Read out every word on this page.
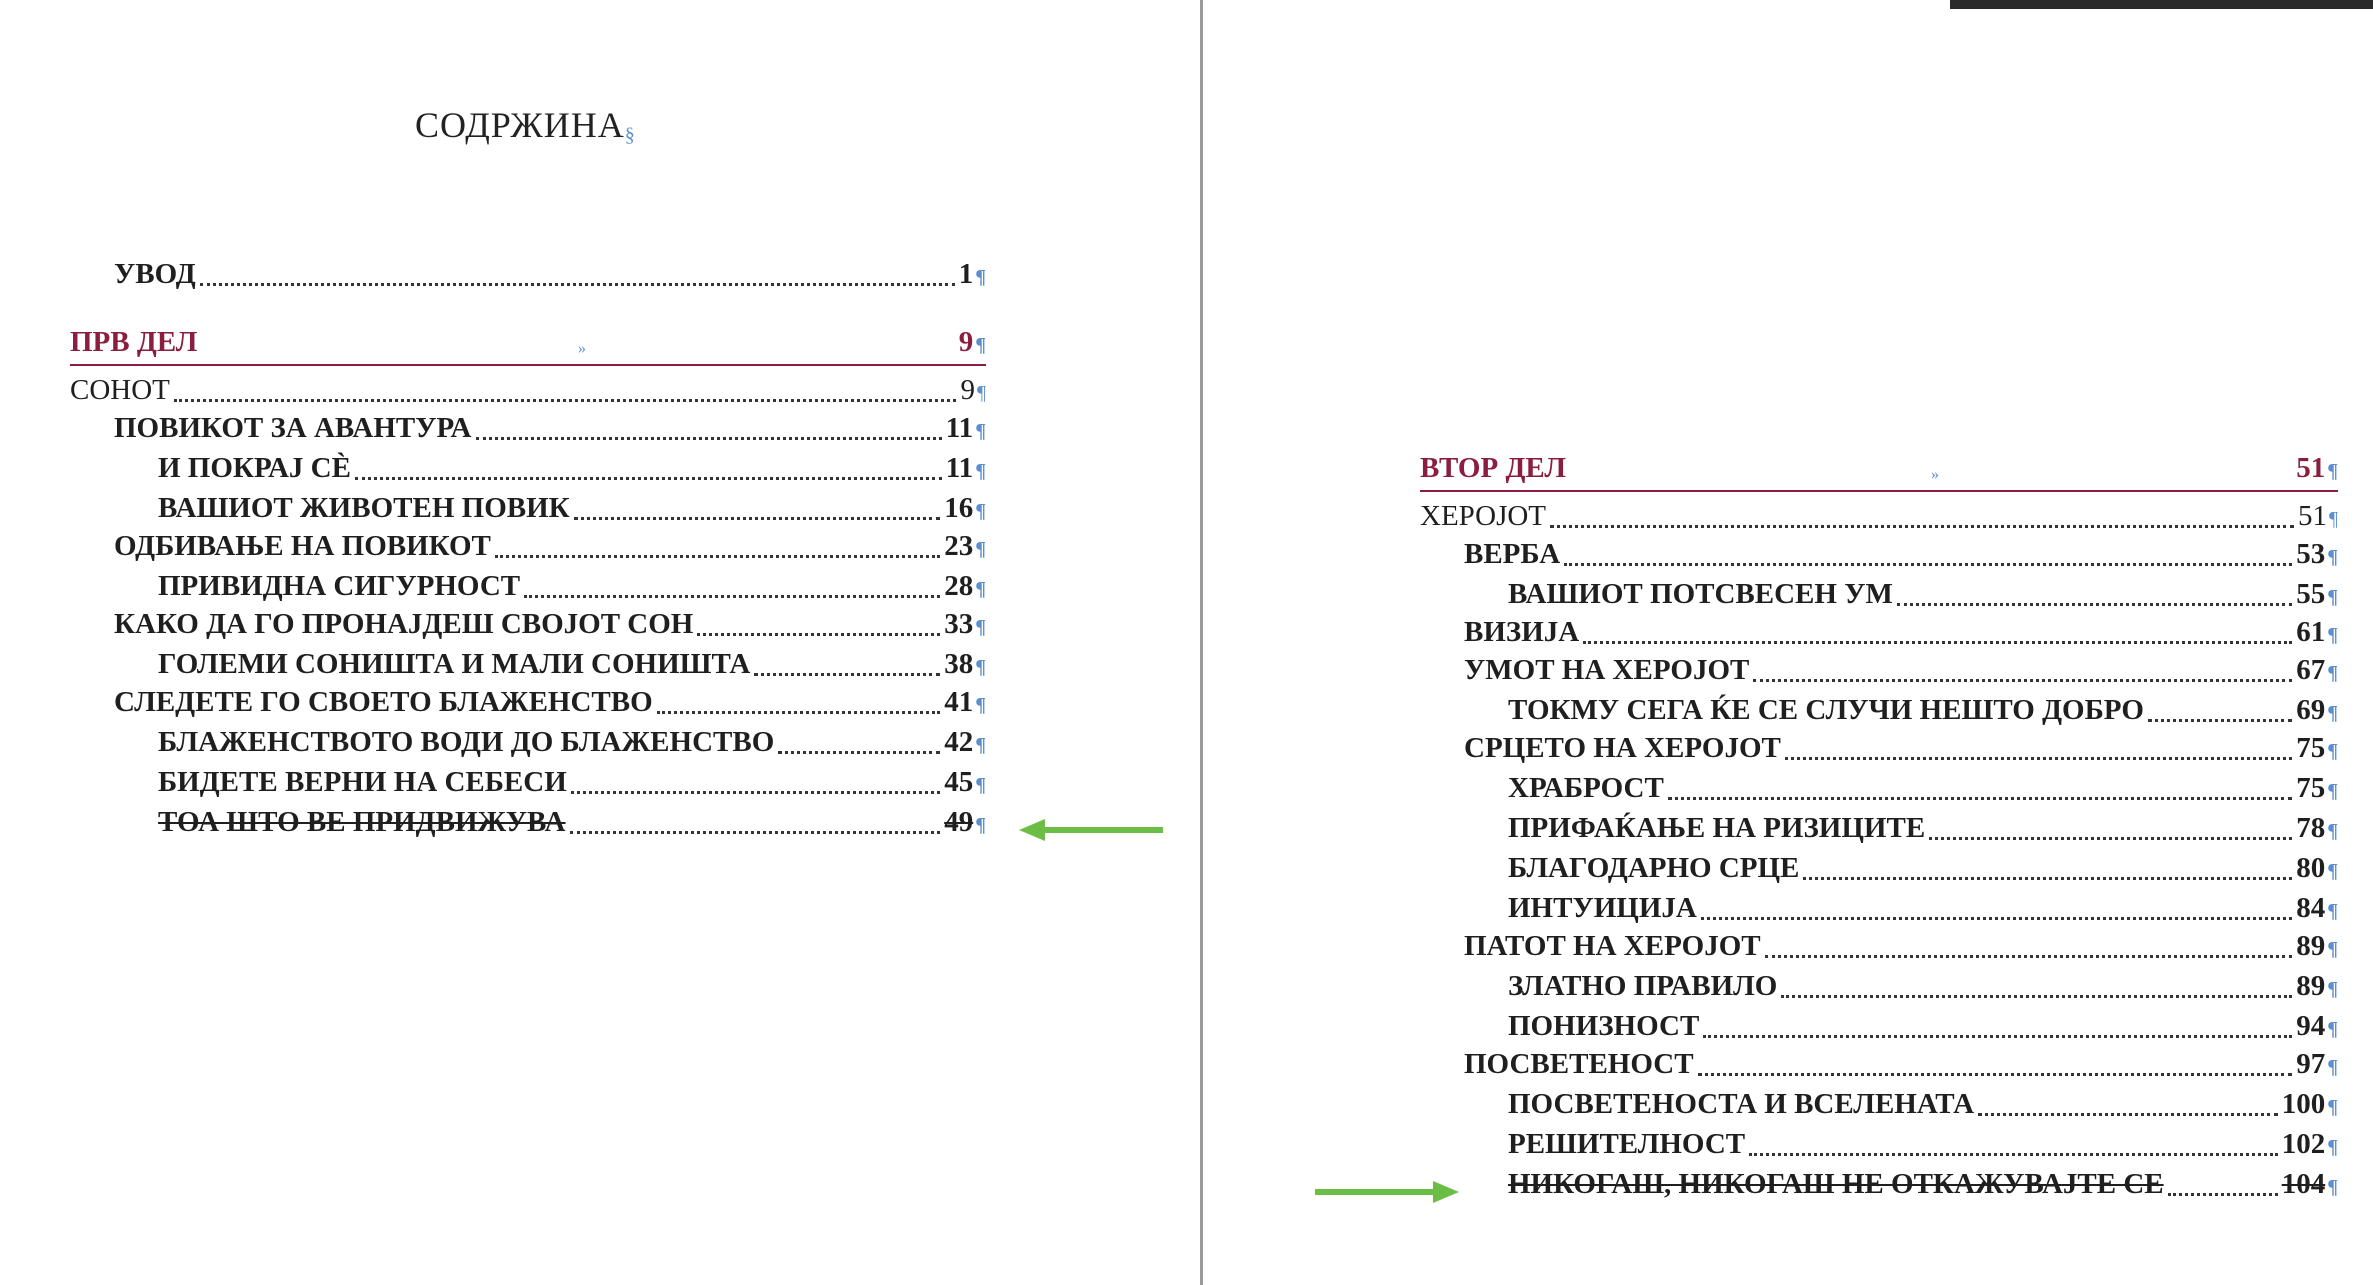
СОДРЖИНА§
УВОД	1 ¶
ПРВ ДЕЛ	9 ¶
»
СОНОТ	9 ¶
ПОВИКОТ ЗА АВАНТУРА	11 ¶
И ПОКРАЈ СЀ	11 ¶
ВАШИОТ ЖИВОТЕН ПОВИК	16 ¶
ОДБИВАЊЕ НА ПОВИКОТ	23 ¶
ПРИВИДНА СИГУРНОСТ	28 ¶
КАКО ДА ГО ПРОНАЈДЕШ СВОЈОТ СОН	33 ¶
ГОЛЕМИ СОНИШТА И МАЛИ СОНИШТА	38 ¶
СЛЕДЕТЕ ГО СВОЕТО БЛАЖЕНСТВО	41 ¶
БЛАЖЕНСТВОТО ВОДИ ДО БЛАЖЕНСТВО	42 ¶
БИДЕТЕ ВЕРНИ НА СЕБЕСИ	45 ¶
ТОА ШТО ВЕ ПРИДВИЖУВА	49 ¶
ВТОР ДЕЛ	51 ¶
»
ХЕРОЈОТ	51 ¶
ВЕРБА	53 ¶
ВАШИОТ ПОТСВЕСЕН УМ	55 ¶
ВИЗИЈА	61 ¶
УМОТ НА ХЕРОЈОТ	67 ¶
ТОКМУ СЕГА ЌЕ СЕ СЛУЧИ НЕШТО ДОБРО	69 ¶
СРЦЕТО НА ХЕРОЈОТ	75 ¶
ХРАБРОСТ	75 ¶
ПРИФАЌАЊЕ НА РИЗИЦИТЕ	78 ¶
БЛАГОДАРНО СРЦЕ	80 ¶
ИНТУИЦИЈА	84 ¶
ПАТОТ НА ХЕРОЈОТ	89 ¶
ЗЛАТНО ПРАВИЛО	89 ¶
ПОНИЗНОСТ	94 ¶
ПОСВЕТЕНОСТ	97 ¶
ПОСВЕТЕНОСТА И ВСЕЛЕНАТА	100 ¶
РЕШИТЕЛНОСТ	102 ¶
НИКОГАШ, НИКОГАШ НЕ ОТКАЖУВАЈТЕ СЕ	104 ¶
